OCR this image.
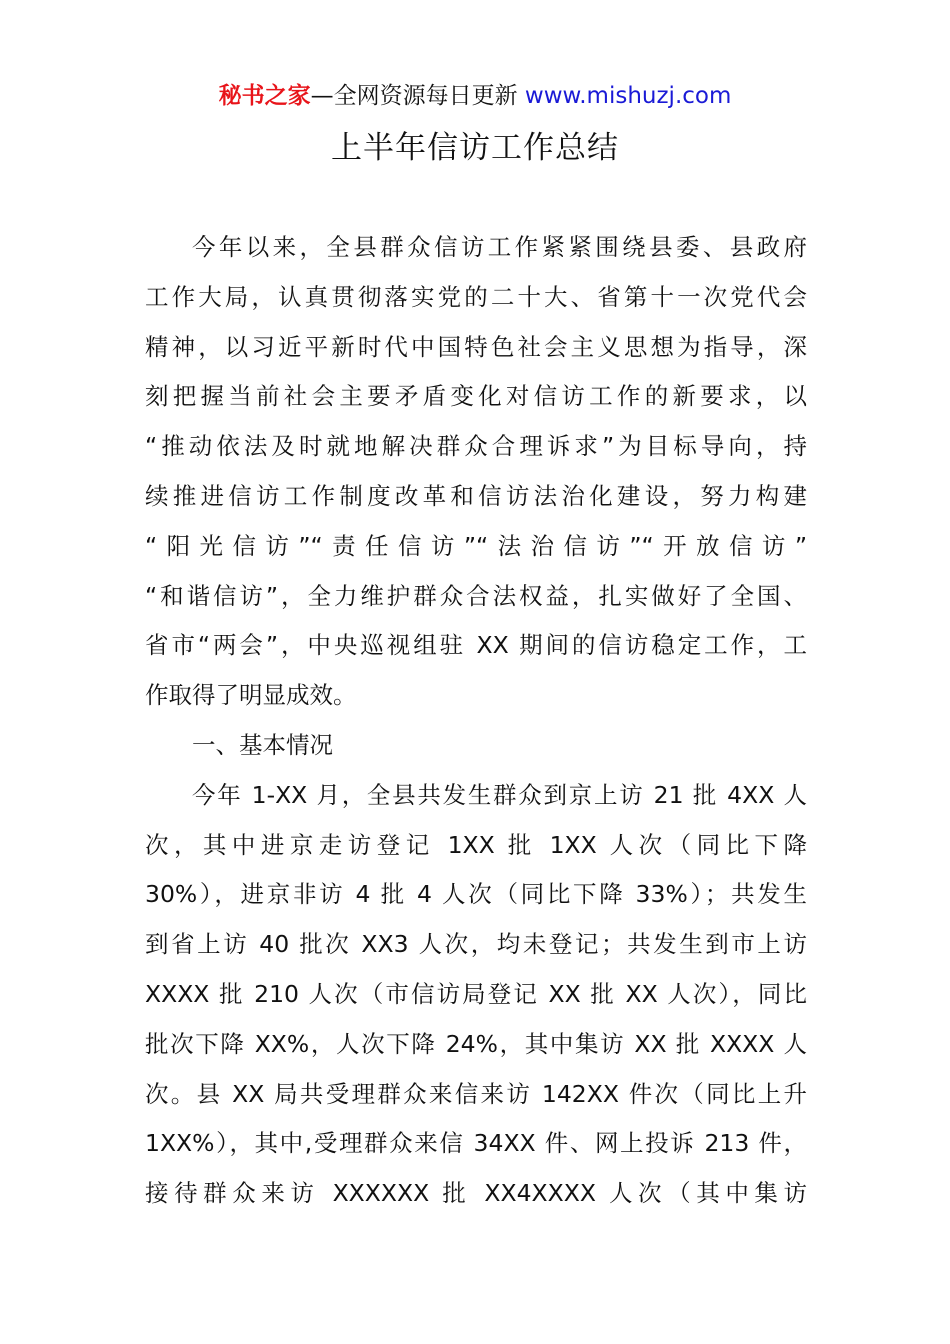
秘书之家—全网资源每日更新 www.mishuzj.com
上半年信访工作总结
今年以来，全县群众信访工作紧紧围绕县委、县政府
工作大局，认真贯彻落实党的二十大、省第十一次党代会
精神，以习近平新时代中国特色社会主义思想为指导，深
刻把握当前社会主要矛盾变化对信访工作的新要求，以
“推动依法及时就地解决群众合理诉求”为目标导向，持
续推进信访工作制度改革和信访法治化建设，努力构建
“阳光信访”“责任信访”“法治信访”“开放信访”
“和谐信访”，全力维护群众合法权益，扎实做好了全国、
省市“两会”，中央巡视组驻 XX 期间的信访稳定工作，工
作取得了明显成效。
一、基本情况
今年 1-XX 月，全县共发生群众到京上访 21 批 4XX 人
次，其中进京走访登记 1XX 批 1XX 人次（同比下降
30%），进京非访 4 批 4 人次（同比下降 33%）；共发生
到省上访 40 批次 XX3 人次，均未登记；共发生到市上访
XXXX 批 210 人次（市信访局登记 XX 批 XX 人次），同比
批次下降 XX%，人次下降 24%，其中集访 XX 批 XXXX 人
次。县 XX 局共受理群众来信来访 142XX 件次（同比上升
1XX%），其中,受理群众来信 34XX 件、网上投诉 213 件，
接待群众来访 XXXXXX 批 XX4XXXX 人次（其中集访
